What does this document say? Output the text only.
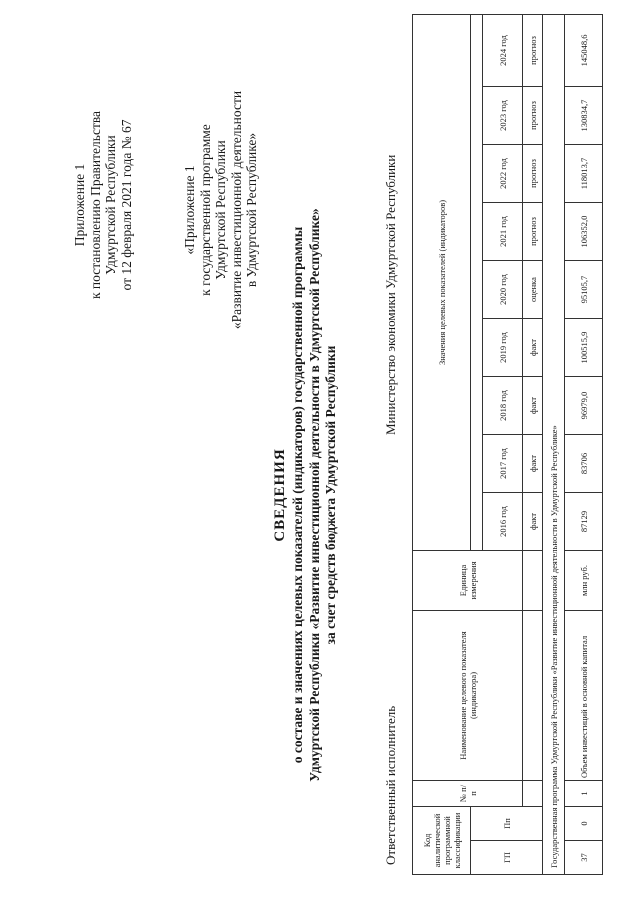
Приложение 1 к постановлению Правительства Удмуртской Республики от 12 февраля 2021 года № 67	«Приложение 1 к государственной программе Удмуртской Республики «Развитие инвестиционной деятельности в Удмуртской Республике»
СВЕДЕНИЯ о составе и значениях целевых показателей (индикаторов) государственной программы Удмуртской Республики «Развитие инвестиционной деятельности в Удмуртской Республике» за счет средств бюджета Удмуртской Республики
Ответственный исполнитель
Министерство экономики Удмуртской Республики
Код аналитической программной классификации		№ п/п	Наименование целевого показателя (индикатора)	Единица измерения	Значения целевых показателей (индикаторов)								
ГП	Пп												
					2016 год	2017 год	2018 год	2019 год	2020 год	2021 год	2022 год	2023 год	2024 год
					факт	факт	факт	факт	оценка	прогноз	прогноз	прогноз	прогноз
Государственная программа Удмуртской Республики «Развитие инвестиционной деятельности в Удмуртской Республике»													
37	0	1	Объем инвестиций в основной капитал	млн руб.	87129	83706	96979,0	100515,9	95105,7	106352,0	118013,7	130834,7	145048,6
